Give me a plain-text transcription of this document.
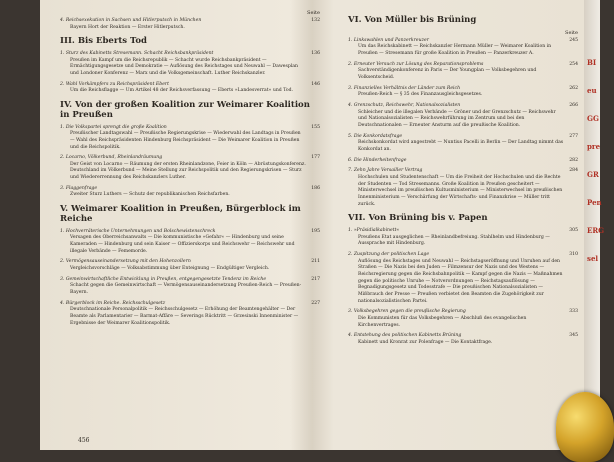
Seite
4. Reichsexekution in Sachsen und Hitlerputsch in München	132
Bayern Hort der Reaktion — Erster Hitlerputsch.
III. Bis Eberts Tod
1. Sturz des Kabinetts Stresemann. Schacht Reichsbankpräsident	136
Preußen im Kampf um die Reichsrepublik — Schacht wurde Reichsbankpräsident — Ermächtigungsgesetze und Demokratie — Auflösung des Reichstages und Neuwahl — Dawesplan und Londoner Konferenz — Marx und die Volksgemeinschaft. Luther Reichskanzler.
2. Wahl Vorkämpfers zu Reichspräsident Ebert	146
Um die Reichsflagge — Um Artikel 48 der Reichsverfassung — Eberts »Landesverrat« und Tod.
IV. Von der großen Koalition zur Weimarer Koalition in Preußen
1. Die Volkspartei sprengt die große Koalition	155
Preußischer Landtagswahl — Preußische Regierungskrise — Wiederwahl des Landtags in Preußen — Wahl des Reichspräsidenten Hindenburg Reichspräsident — Die Weimarer Koalition in Preußen und die Reichspolitik.
2. Locarno, Völkerbund, Rheinlandräumung	177
Der Geist von Locarno — Räumung der ersten Rheinlandzone, Feier in Köln — Abrüstungskonferenz. Deutschland im Völkerbund — Meine Stellung zur Reichspolitik und den Regierungskrisen — Sturz und Wiedererrennung des Reichskanzlers Luther.
3. Flaggenfrage	186
Zweiter Sturz Luthers — Schutz der republikanischen Reichsfarben.
V. Weimarer Koalition in Preußen, Bürgerblock im Reiche
1. Hochverräterische Unternehmungen und Bolschewistenschreck	195
Versagen des Oberreichsanwalts — Die kommunistische »Gefahr« — Hindenburg und seine Kameraden — Hindenburg und sein Kaiser — Offizierskorps und Reichswehr — Reichswehr und illegale Verbände — Fememorde.
2. Vermögensauseinandersetzung mit den Hohenzollern	211
Vergleichsvorschläge — Volksabstimmung über Enteignung — Endgültiger Vergleich.
3. Gemeinwirtschaftliche Entwicklung in Preußen, entgegengesetzte Tendenz im Reiche	217
Schacht gegen die Gemeinwirtschaft — Vermögensauseinandersetzung Preußen-Reich — Preußen-Bayern.
4. Bürgerblock im Reiche. Reichsschulgesetz	227
Deutschnationale Personalpolitik — Reichsschulgesetz — Erhöhung der Beamtengehälter — Der Beamte als Parlamentarier — Barmat-Affäre — Severings Rücktritt — Grzesinski Innenminister — Ergebnisse der Weimarer Koalitionspolitik.
456
VI. Von Müller bis Brüning
Seite
1. Linkswahlen und Panzerkreuzer	245
Um das Reichskabinett — Reichskanzler Hermann Müller — Weimarer Koalition in Preußen — Stresemann für große Koalition in Preußen — Panzerkreuzer A.
2. Erneuter Versuch zur Lösung des Reparationsproblems	254
Sachverständigenkonferenz in Paris — Der Youngplan — Volksbegehren und Volksentscheid.
3. Finanzielles Verhältnis der Länder zum Reich	262
Preußen-Reich — § 35 des Finanzausgleichsgesetzes.
4. Grenzschutz, Reichswehr, Nationalsozialisten	266
Schleicher und die illegalen Verbände — Gröner und der Grenzschutz — Reichswehr und Nationalsozialisten — Reichswehrführung im Zentrum und bei den Deutschnationalen — Erneuter Ansturm auf die preußische Koalition.
5. Die Konkordatsfrage	277
Reichskonkordat wird angestrebt — Nuntius Pacelli in Berlin — Der Landtag nimmt das Konkordat an.
6. Die Hinderheitenfrage	282
7. Zehn Jahre Versailler Vertrag	284
Hochschulen und Studentenschaft — Um die Freiheit der Hochschulen und die Rechte der Studenten — Tod Stresemanns. Große Koalition in Preußen gescheitert — Ministerwechsel im preußischen Kultusministerium — Ministerwechsel im preußischen Innenministerium — Verschärfung der Wirtschafts- und Finanzkrise — Müller tritt zurück.
VII. Von Brüning bis v. Papen
1. »Präsidialkabinett«	305
Preußens Etat ausgeglichen — Rheinlandbefreiung. Stahlhelm und Hindenburg — Aussprache mit Hindenburg.
2. Zuspitzung der politischen Lage	310
Auflösung des Reichstages und Neuwahl — Reichstagseröffnung und Unruhen auf den Straßen — Die Nazis bei den Juden — Filmzensur der Nazis und des Westens — Reichsregierung gegen die Reichsbahnpolitik — Kampf gegen die Nazis — Maßnahmen gegen die politische Unruhe — Notverordnungen — Reichstagsauflösung — Begnadigungsgesetz und Todesstrafe — Die preußischen Nationalsozialisten — Mißbrauch der Presse — Preußen verbietet den Beamten die Zugehörigkeit zur nationalsozialistischen Partei.
3. Volksbegehren gegen die preußische Regierung	333
Die Kommunisten für das Volksbegehren — Abschluß des evangelischen Kirchenvertrages.
4. Entstehung des politischen Kabinetts Brüning	345
Kabinett und Kronrat zur Polenfrage — Die Kontaktfrage.
BI
eu
GG
pre
GR
Pen
ERG
sel
